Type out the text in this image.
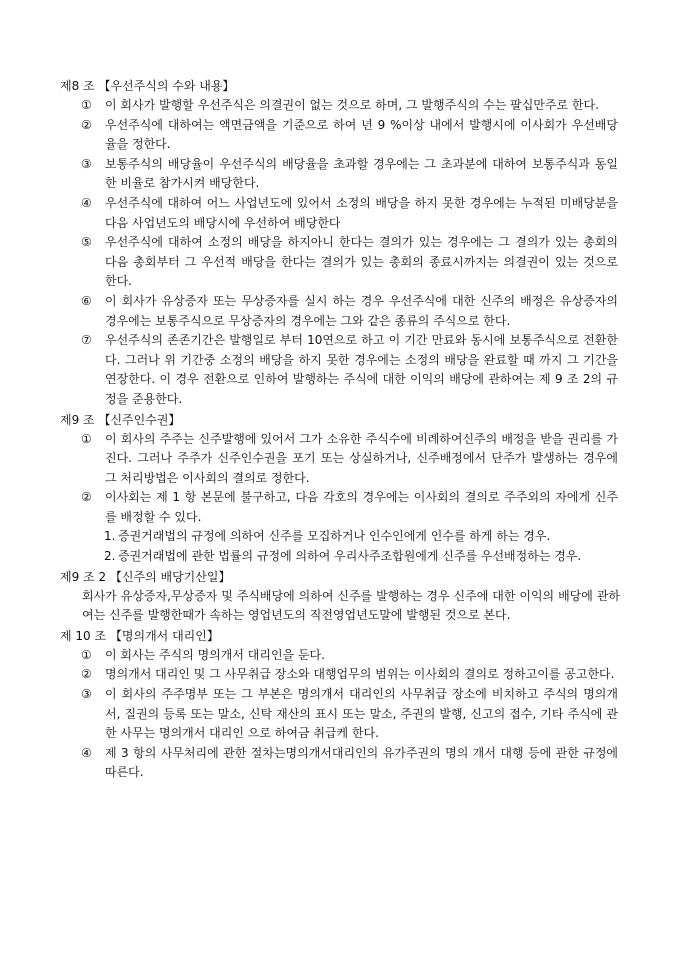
제8 조 【우선주식의 수와 내용】
① 이 회사가 발행할 우선주식은 의결권이 없는 것으로 하며, 그 발행주식의 수는 팔십만주로 한다.
② 우선주식에 대하여는 액면금액을 기준으로 하여 년 9 %이상 내에서 발행시에 이사회가 우선배당율을 정한다.
③ 보통주식의 배당율이 우선주식의 배당율을 초과할 경우에는 그 초과분에 대하여 보통주식과 동일한 비율로 참가시켜 배당한다.
④ 우선주식에 대하여 어느 사업년도에 있어서 소정의 배당을 하지 못한 경우에는 누적된 미배당분을 다음 사업년도의 배당시에 우선하여 배당한다
⑤ 우선주식에 대하여 소정의 배당을 하지아니 한다는 결의가 있는 경우에는 그 결의가 있는 총회의 다음 총회부터 그 우선적 배당을 한다는 결의가 있는 총회의 종료시까지는 의결권이 있는 것으로 한다.
⑥ 이 회사가 유상증자 또는 무상증자를 실시 하는 경우 우선주식에 대한 신주의 배정은 유상증자의 경우에는 보통주식으로 무상증자의 경우에는 그와 같은 종류의 주식으로 한다.
⑦ 우선주식의 존존기간은 발행일로 부터 10연으로 하고 이 기간 만료와 동시에 보통주식으로 전환한다. 그러나 위 기간중 소정의 배당을 하지 못한 경우에는 소정의 배당을 완료할 때 까지 그 기간을 연장한다. 이 경우 전환으로 인하여 발행하는 주식에 대한 이익의 배당에 관하여는 제 9 조 2의 규정을 준용한다.
제9 조 【신주인수권】
① 이 회사의 주주는 신주발행에 있어서 그가 소유한 주식수에 비례하여신주의 배정을 받을 권리를 가진다. 그러나 주주가 신주인수권을 포기 또는 상실하거나, 신주배정에서 단주가 발생하는 경우에 그 처리방법은 이사회의 결의로 정한다.
② 이사회는 제 1 항 본문에 불구하고, 다음 각호의 경우에는 이사회의 결의로 주주외의 자에게 신주를 배정할 수 있다.
1. 증권거래법의 규정에 의하여 신주를 모집하거나 인수인에게 인수를 하게 하는 경우.
2. 증권거래법에 관한 법률의 규정에 의하여 우리사주조합원에게 신주를 우선배정하는 경우.
제9 조 2 【신주의 배당기산일】
회사가 유상증자,무상증자 및 주식배당에 의하여 신주를 발행하는 경우 신주에 대한 이익의 배당에 관하여는 신주를 발행한때가 속하는 영업년도의 직전영업년도말에 발행된 것으로 본다.
제 10 조 【명의개서 대리인】
① 이 회사는 주식의 명의개서 대리인을 둔다.
② 명의개서 대리인 및 그 사무취급 장소와 대행업무의 범위는 이사회의 결의로 정하고이를 공고한다.
③ 이 회사의 주주명부 또는 그 부본은 명의개서 대리인의 사무취급 장소에 비치하고 주식의 명의개서, 질권의 등록 또는 말소, 신탁 재산의 표시 또는 말소, 주권의 발행, 신고의 접수, 기타 주식에 관한 사무는 명의개서 대리인 으로 하여금 취급케 한다.
④ 제 3 항의 사무처리에 관한 절차는명의개서대리인의 유가주권의 명의 개서 대행 등에 관한 규정에 따른다.
